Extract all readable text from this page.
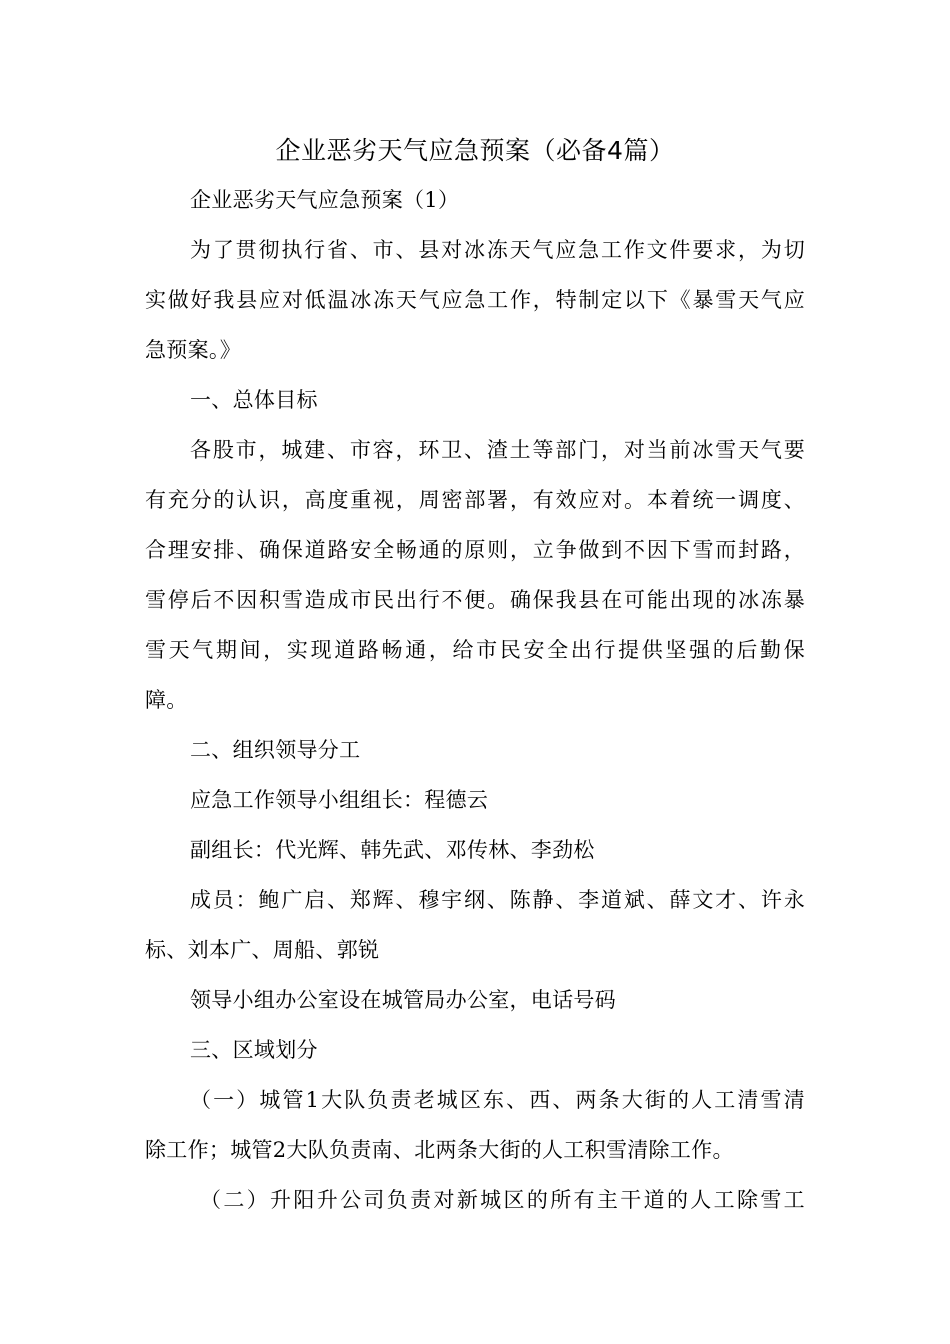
企业恶劣天气应急预案（必备4篇）
企业恶劣天气应急预案（1）
为了贯彻执行省、市、县对冰冻天气应急工作文件要求，为切
实做好我县应对低温冰冻天气应急工作，特制定以下《暴雪天气应
急预案。》
一、总体目标
各股市，城建、市容，环卫、渣土等部门，对当前冰雪天气要
有充分的认识，高度重视，周密部署，有效应对。本着统一调度、
合理安排、确保道路安全畅通的原则，立争做到不因下雪而封路，
雪停后不因积雪造成市民出行不便。确保我县在可能出现的冰冻暴
雪天气期间，实现道路畅通，给市民安全出行提供坚强的后勤保
障。
二、组织领导分工
应急工作领导小组组长：程德云
副组长：代光辉、韩先武、邓传林、李劲松
成员：鲍广启、郑辉、穆宇纲、陈静、李道斌、薛文才、许永
标、刘本广、周船、郭锐
领导小组办公室设在城管局办公室，电话号码
三、区域划分
（一）城管1大队负责老城区东、西、两条大街的人工清雪清
除工作；城管2大队负责南、北两条大街的人工积雪清除工作。
（二）升阳升公司负责对新城区的所有主干道的人工除雪工
